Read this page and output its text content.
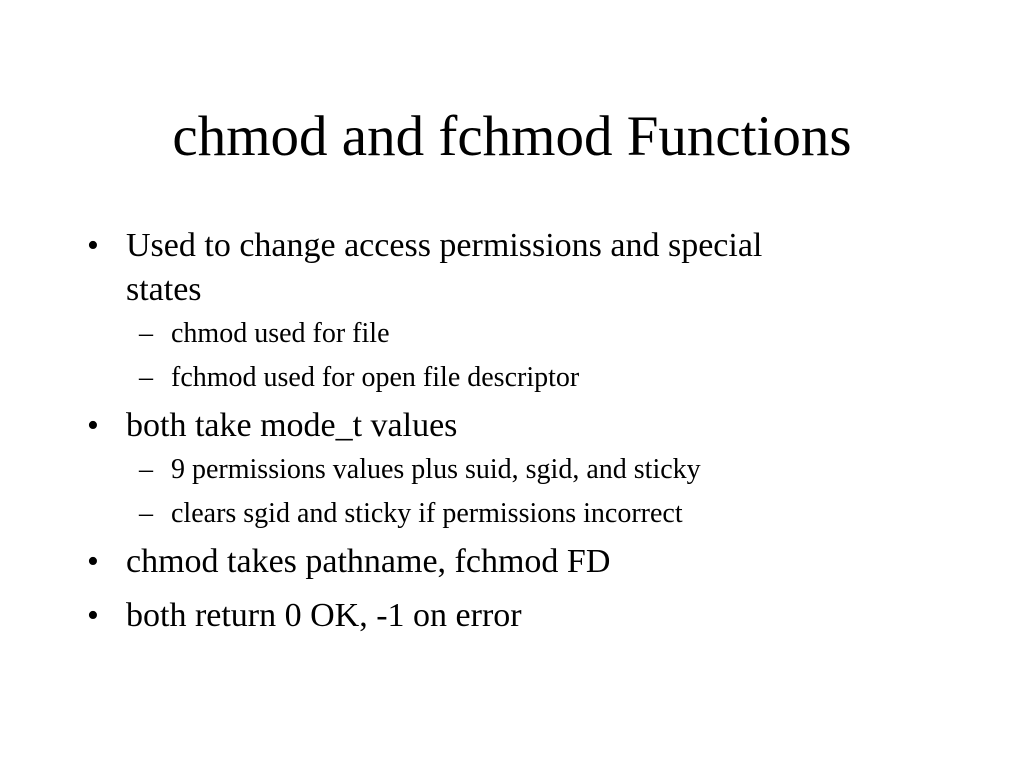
chmod and fchmod Functions
• Used to change access permissions and special
states
– chmod used for file
– fchmod used for open file descriptor
• both take mode_t values
– 9 permissions values plus suid, sgid, and sticky
– clears sgid and sticky if permissions incorrect
• chmod takes pathname, fchmod FD
• both return 0 OK, -1 on error
